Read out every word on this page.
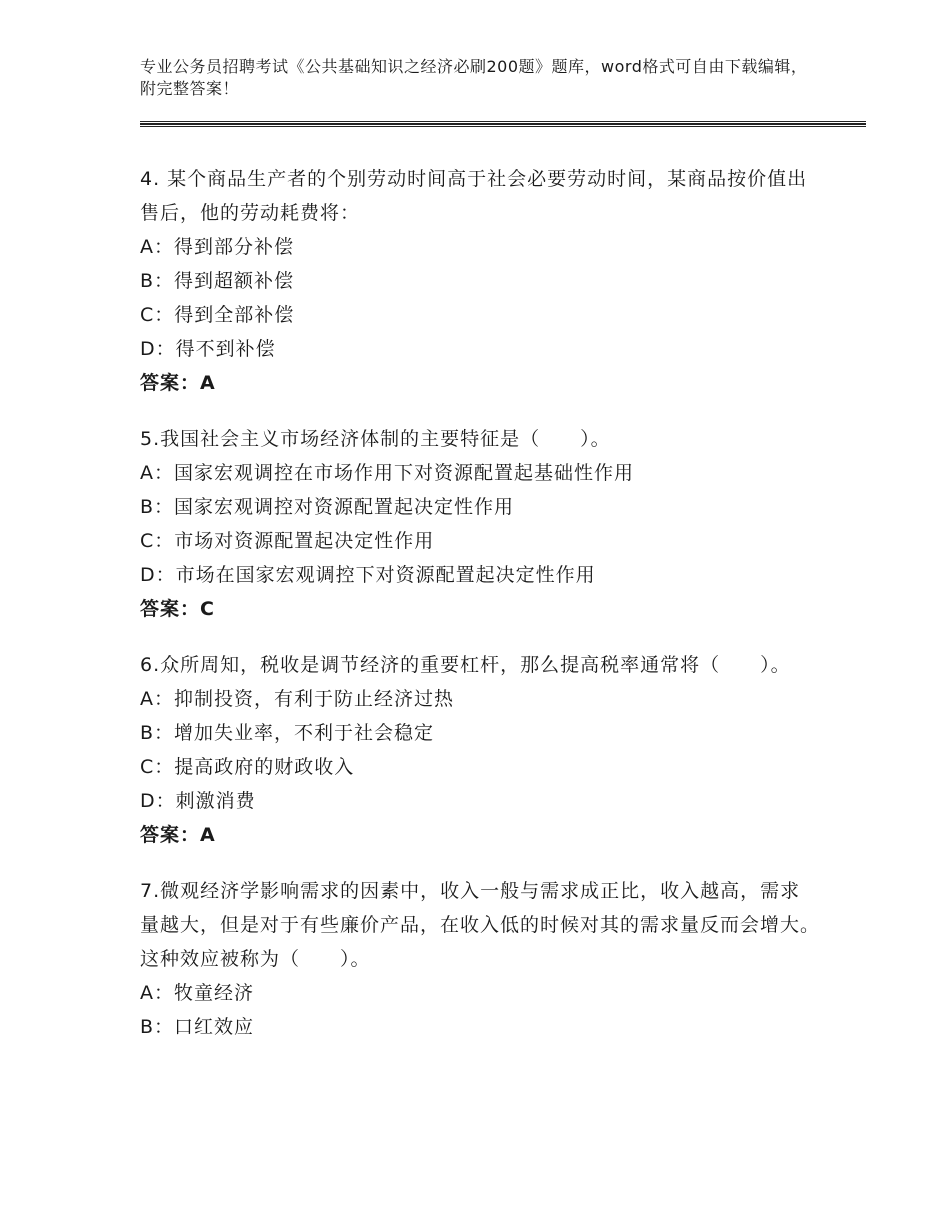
专业公务员招聘考试《公共基础知识之经济必刷200题》题库，word格式可自由下载编辑，附完整答案！
4. 某个商品生产者的个别劳动时间高于社会必要劳动时间，某商品按价值出售后，他的劳动耗费将：
A：得到部分补偿
B：得到超额补偿
C：得到全部补偿
D：得不到补偿
答案：A
5.我国社会主义市场经济体制的主要特征是（　　）。
A：国家宏观调控在市场作用下对资源配置起基础性作用
B：国家宏观调控对资源配置起决定性作用
C：市场对资源配置起决定性作用
D：市场在国家宏观调控下对资源配置起决定性作用
答案：C
6.众所周知，税收是调节经济的重要杠杆，那么提高税率通常将（　　）。
A：抑制投资，有利于防止经济过热
B：增加失业率，不利于社会稳定
C：提高政府的财政收入
D：刺激消费
答案：A
7.微观经济学影响需求的因素中，收入一般与需求成正比，收入越高，需求量越大，但是对于有些廉价产品，在收入低的时候对其的需求量反而会增大。这种效应被称为（　　）。
A：牧童经济
B：口红效应
